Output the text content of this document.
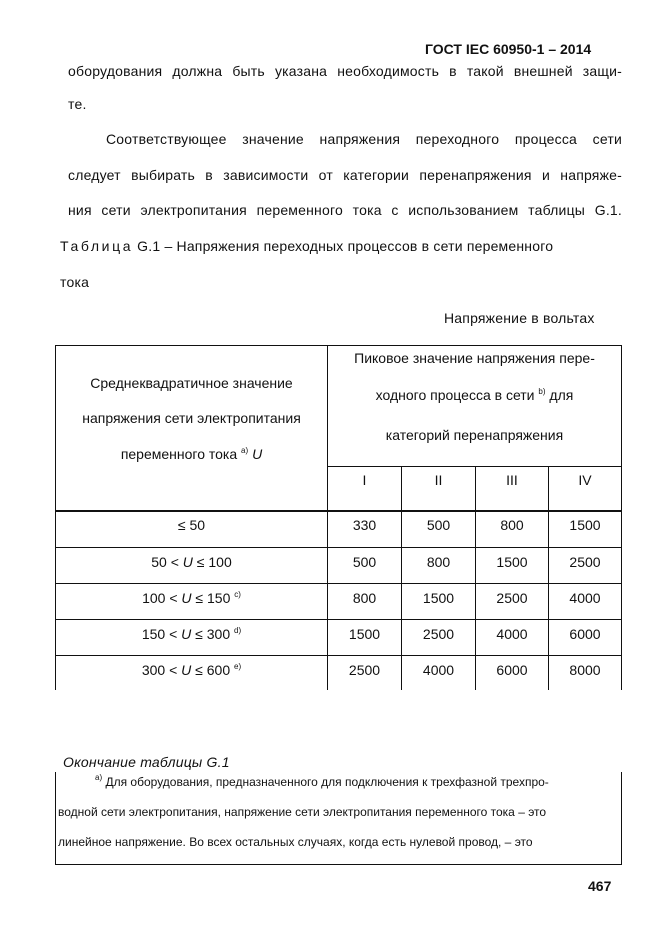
ГОСТ IEC 60950-1 – 2014
оборудования должна быть указана необходимость в такой внешней защи-
те.
Соответствующее значение напряжения переходного процесса сети
следует выбирать в зависимости от категории перенапряжения и напряже-
ния сети электропитания переменного тока с использованием таблицы G.1.
Таблица G.1 – Напряжения переходных процессов в сети переменного
тока
Напряжение в вольтах
Среднеквадратичное значение
напряжения сети электропитания
переменного тока $^{a)}$ U
Пиковое значение напряжения пере-
ходного процесса в сети $^{b)}$ для
категорий перенапряжения
I	II	III	IV
≤ 50	330	500	800	1500
50 < U ≤ 100	500	800	1500	2500
100 < U ≤ 150 $^{c)}$	800	1500	2500	4000
150 < U ≤ 300 $^{d)}$	1500	2500	4000	6000
300 < U ≤ 600 $^{e)}$	2500	4000	6000	8000
Окончание таблицы G.1
$^{a)}$ Для оборудования, предназначенного для подключения к трехфазной трехпро-
водной сети электропитания, напряжение сети электропитания переменного тока – это
линейное напряжение. Во всех остальных случаях, когда есть нулевой провод, – это
467
